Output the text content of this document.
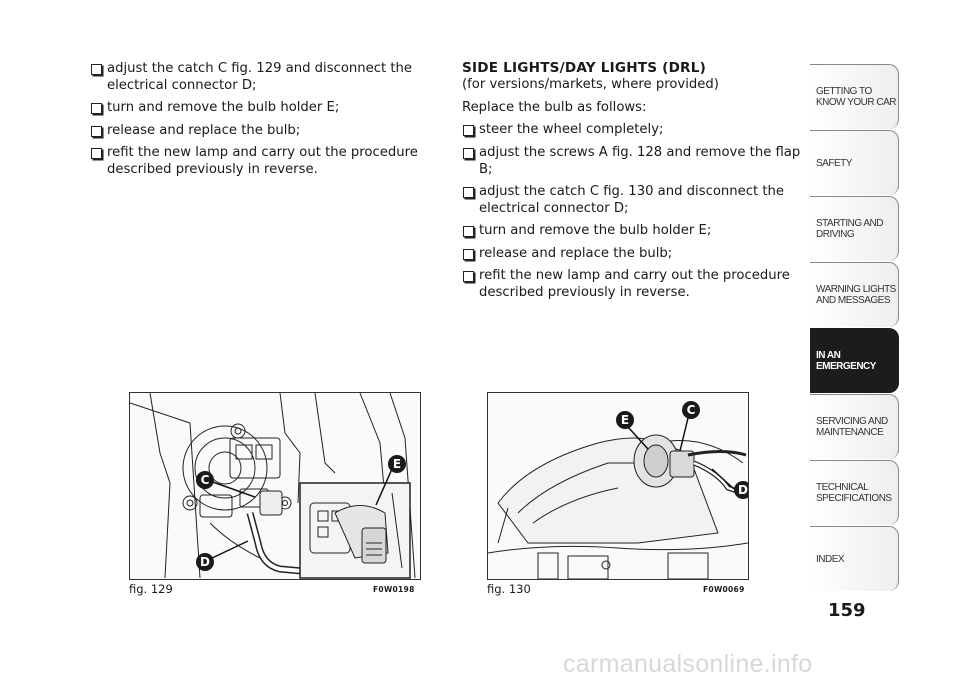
adjust the catch C fig. 129 and disconnect the electrical connector D;
turn and remove the bulb holder E;
release and replace the bulb;
refit the new lamp and carry out the procedure described previously in reverse.
SIDE LIGHTS/DAY LIGHTS (DRL)
(for versions/markets, where provided)
Replace the bulb as follows:
steer the wheel completely;
adjust the screws A fig. 128 and remove the flap B;
adjust the catch C fig. 130 and disconnect the electrical connector D;
turn and remove the bulb holder E;
release and replace the bulb;
refit the new lamp and carry out the procedure described previously in reverse.
C
D
E
fig. 129	F0W0198
E
C
D
fig. 130	F0W0069
GETTING TO KNOW YOUR CAR
SAFETY
STARTING AND DRIVING
WARNING LIGHTS AND MESSAGES
IN AN EMERGENCY
SERVICING AND MAINTENANCE
TECHNICAL SPECIFICATIONS
INDEX
159
carmanualsonline.info
